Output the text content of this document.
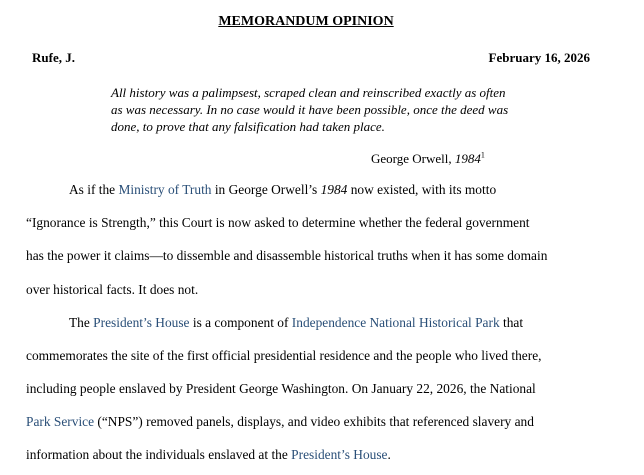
MEMORANDUM OPINION
Rufe, J.	February 16, 2026
All history was a palimpsest, scraped clean and reinscribed exactly as often as was necessary. In no case would it have been possible, once the deed was done, to prove that any falsification had taken place.
George Orwell, 1984$^1$
As if the Ministry of Truth in George Orwell’s 1984 now existed, with its motto
“Ignorance is Strength,” this Court is now asked to determine whether the federal government
has the power it claims—to dissemble and disassemble historical truths when it has some domain
over historical facts. It does not.
The President’s House is a component of Independence National Historical Park that
commemorates the site of the first official presidential residence and the people who lived there,
including people enslaved by President George Washington. On January 22, 2026, the National
Park Service (“NPS”) removed panels, displays, and video exhibits that referenced slavery and
information about the individuals enslaved at the President’s House.
